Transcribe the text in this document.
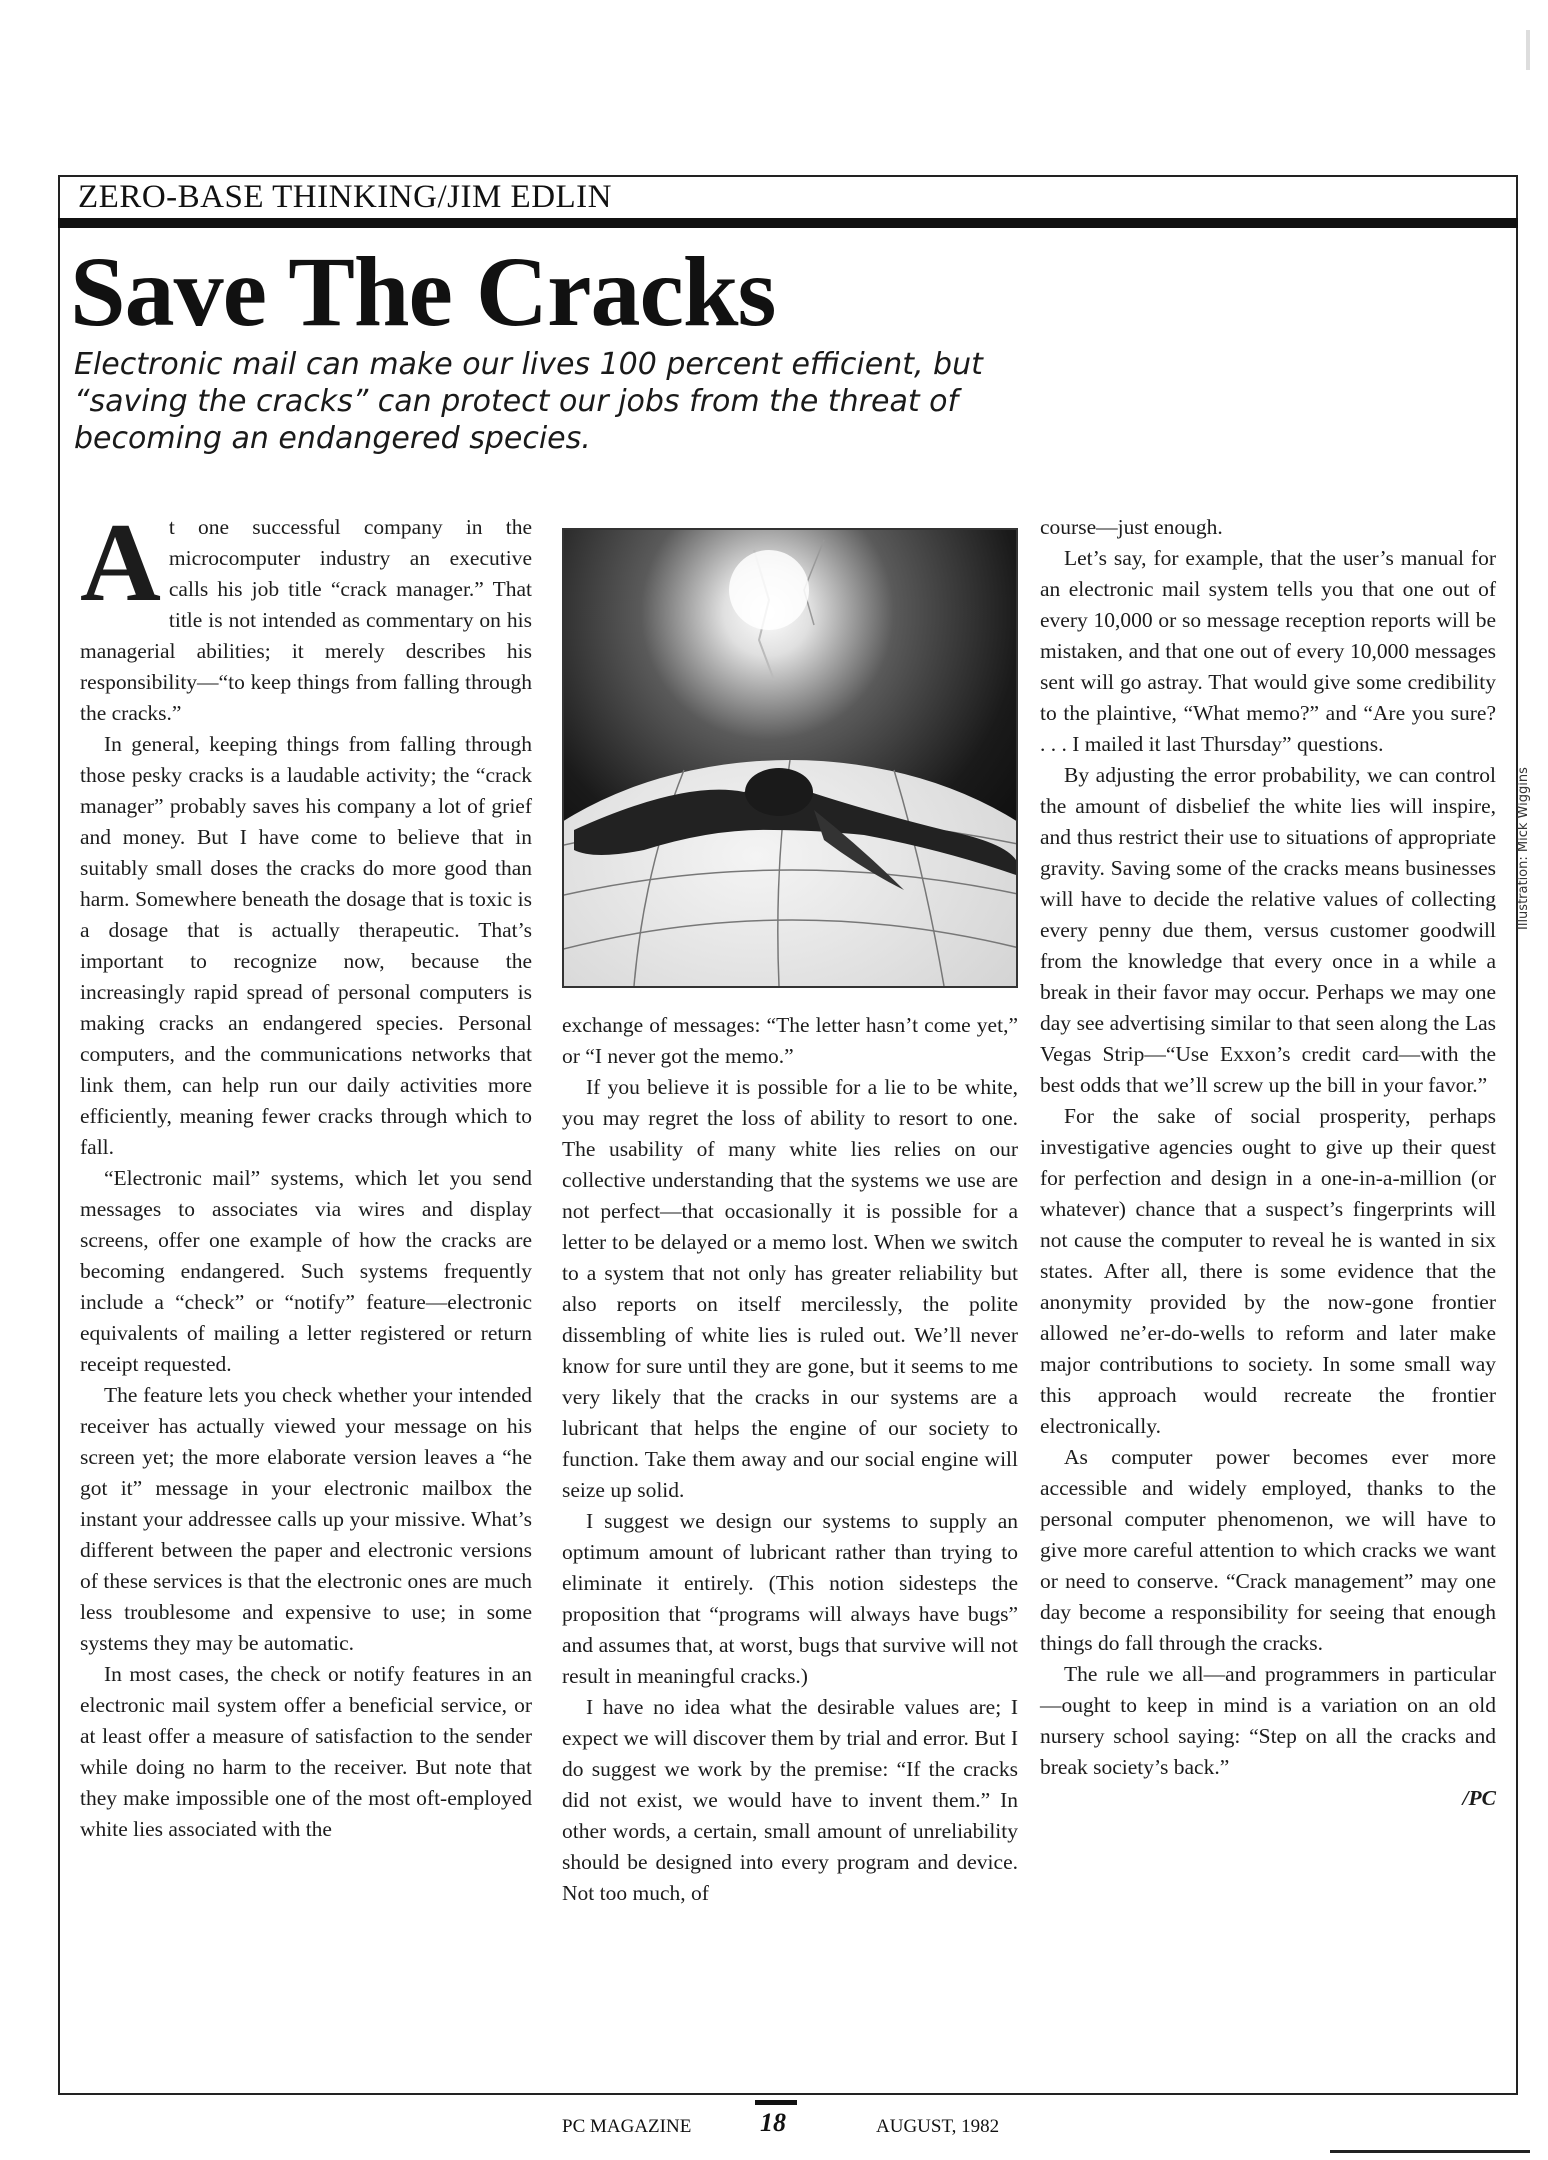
ZERO-BASE THINKING/JIM EDLIN
Save The Cracks
Electronic mail can make our lives 100 percent efficient, but “saving the cracks” can protect our jobs from the threat of becoming an endangered species.

At one successful company in the microcomputer industry an executive calls his job title “crack manager.” That title is not intended as commentary on his managerial abilities; it merely describes his responsibility—“to keep things from falling through the cracks.”

In general, keeping things from falling through those pesky cracks is a laudable activity; the “crack manager” probably saves his company a lot of grief and money. But I have come to believe that in suitably small doses the cracks do more good than harm. Somewhere beneath the dosage that is toxic is a dosage that is actually therapeutic. That’s important to recognize now, because the increasingly rapid spread of personal computers is making cracks an endangered species. Personal computers, and the communications networks that link them, can help run our daily activities more efficiently, meaning fewer cracks through which to fall.

“Electronic mail” systems, which let you send messages to associates via wires and display screens, offer one example of how the cracks are becoming endangered. Such systems frequently include a “check” or “notify” feature—electronic equivalents of mailing a letter registered or return receipt requested.

The feature lets you check whether your intended receiver has actually viewed your message on his screen yet; the more elaborate version leaves a “he got it” message in your electronic mailbox the instant your addressee calls up your missive. What’s different between the paper and electronic versions of these services is that the electronic ones are much less troublesome and expensive to use; in some systems they may be automatic.

In most cases, the check or notify features in an electronic mail system offer a beneficial service, or at least offer a measure of satisfaction to the sender while doing no harm to the receiver. But note that they make impossible one of the most oft-employed white lies associated with the

Illustration: Mick Wiggins

exchange of messages: “The letter hasn’t come yet,” or “I never got the memo.”

If you believe it is possible for a lie to be white, you may regret the loss of ability to resort to one. The usability of many white lies relies on our collective understanding that the systems we use are not perfect—that occasionally it is possible for a letter to be delayed or a memo lost. When we switch to a system that not only has greater reliability but also reports on itself mercilessly, the polite dissembling of white lies is ruled out. We’ll never know for sure until they are gone, but it seems to me very likely that the cracks in our systems are a lubricant that helps the engine of our society to function. Take them away and our social engine will seize up solid.

I suggest we design our systems to supply an optimum amount of lubricant rather than trying to eliminate it entirely. (This notion sidesteps the proposition that “programs will always have bugs” and assumes that, at worst, bugs that survive will not result in meaningful cracks.)

I have no idea what the desirable values are; I expect we will discover them by trial and error. But I do suggest we work by the premise: “If the cracks did not exist, we would have to invent them.” In other words, a certain, small amount of unreliability should be designed into every program and device. Not too much, of

course—just enough.

Let’s say, for example, that the user’s manual for an electronic mail system tells you that one out of every 10,000 or so message reception reports will be mistaken, and that one out of every 10,000 messages sent will go astray. That would give some credibility to the plaintive, “What memo?” and “Are you sure? . . . I mailed it last Thursday” questions.

By adjusting the error probability, we can control the amount of disbelief the white lies will inspire, and thus restrict their use to situations of appropriate gravity. Saving some of the cracks means businesses will have to decide the relative values of collecting every penny due them, versus customer goodwill from the knowledge that every once in a while a break in their favor may occur. Perhaps we may one day see advertising similar to that seen along the Las Vegas Strip—“Use Exxon’s credit card—with the best odds that we’ll screw up the bill in your favor.”

For the sake of social prosperity, perhaps investigative agencies ought to give up their quest for perfection and design in a one-in-a-million (or whatever) chance that a suspect’s fingerprints will not cause the computer to reveal he is wanted in six states. After all, there is some evidence that the anonymity provided by the now-gone frontier allowed ne’er-do-wells to reform and later make major contributions to society. In some small way this approach would recreate the frontier electronically.

As computer power becomes ever more accessible and widely employed, thanks to the personal computer phenomenon, we will have to give more careful attention to which cracks we want or need to conserve. “Crack management” may one day become a responsibility for seeing that enough things do fall through the cracks.

The rule we all—and programmers in particular—ought to keep in mind is a variation on an old nursery school saying: “Step on all the cracks and break society’s back.”

/PC
PC MAGAZINE	18	AUGUST, 1982
